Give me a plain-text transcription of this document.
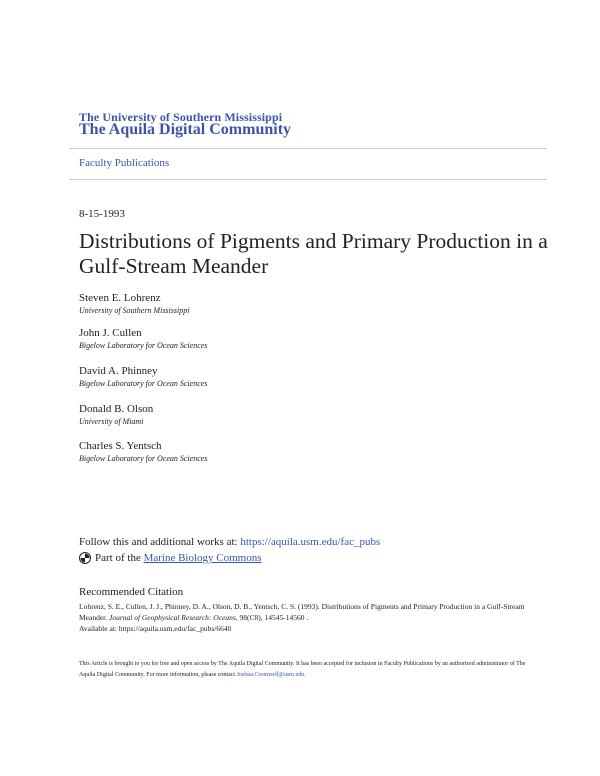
The University of Southern Mississippi
The Aquila Digital Community
Faculty Publications
8-15-1993
Distributions of Pigments and Primary Production in a Gulf-Stream Meander
Steven E. Lohrenz
University of Southern Mississippi
John J. Cullen
Bigelow Laboratory for Ocean Sciences
David A. Phinney
Bigelow Laboratory for Ocean Sciences
Donald B. Olson
University of Miami
Charles S. Yentsch
Bigelow Laboratory for Ocean Sciences
Follow this and additional works at: https://aquila.usm.edu/fac_pubs
Part of the
Marine Biology Commons
Recommended Citation
Lohrenz, S. E., Cullen, J. J., Phinney, D. A., Olson, D. B., Yentsch, C. S. (1993). Distributions of Pigments and Primary Production in a Gulf-Stream Meander. Journal of Geophysical Research: Oceans, 98(C8), 14545-14560 .
Available at: https://aquila.usm.edu/fac_pubs/6640
This Article is brought to you for free and open access by The Aquila Digital Community. It has been accepted for inclusion in Faculty Publications by an authorized administrator of The Aquila Digital Community. For more information, please contact Joshua.Cromwell@usm.edu.
